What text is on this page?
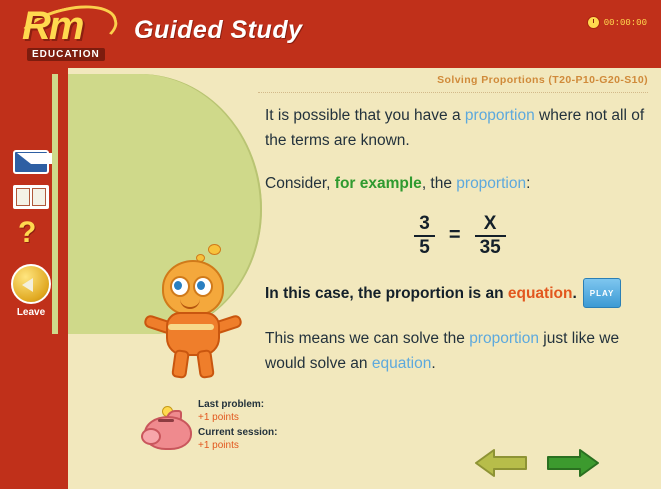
Rm
EDUCATION
Guided Study	00:00:00
?
Leave
Solving Proportions (T20-P10-G20-S10)

It is possible that you have a proportion where not all of the terms are known.

Consider, for example, the proportion:

$\frac{3}{5} = \frac{X}{35}$

In this case, the proportion is an equation. PLAY

This means we can solve the proportion just like we would solve an equation.

Last problem:
+1 points
Current session:
+1 points
